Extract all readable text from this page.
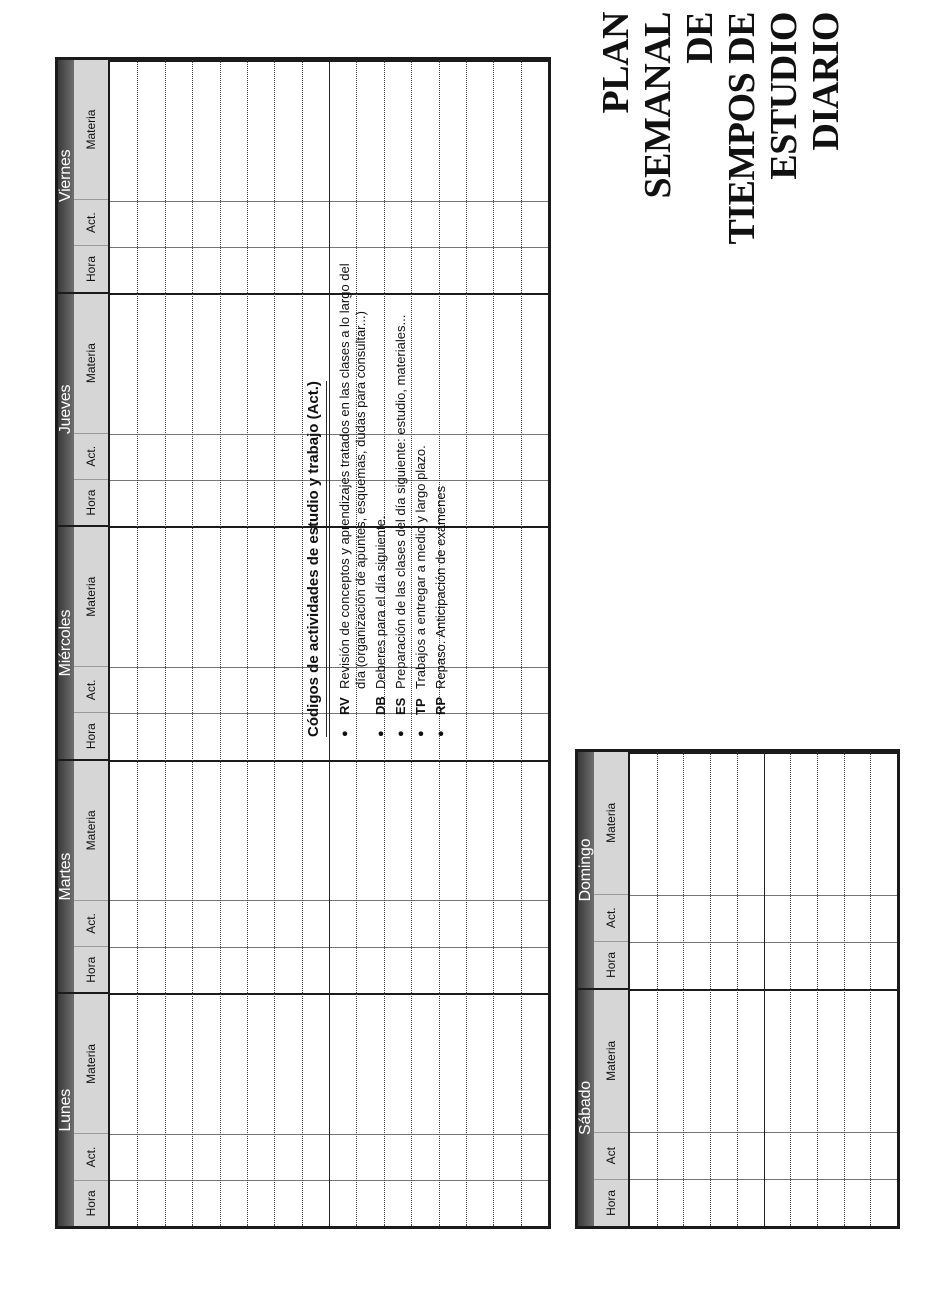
Lunes
Martes
Miércoles
Jueves
Viernes
Hora
Act.
Materia
Hora
Act.
Materia
Hora
Act.
Materia
Hora
Act.
Materia
Hora
Act.
Materia
Sábado
Domingo
Hora
Act
Materia
Hora
Act.
Materia
Códigos de actividades de estudio y trabajo (Act.) ●
RV
Revisión de conceptos y aprendizajes tratados en las clases a lo largo del día (organización de apuntes, esquemas, dudas para consultar...)
●
DB
Deberes para el día siguiente.
●
ES
Preparación de las clases del día siguiente: estudio, materiales...
●
TP
Trabajos a entregar a medio y largo plazo.
●
RP
Repaso. Anticipación de exámenes
PLAN SEMANAL DE TIEMPOS DE ESTUDIO DIARIO
